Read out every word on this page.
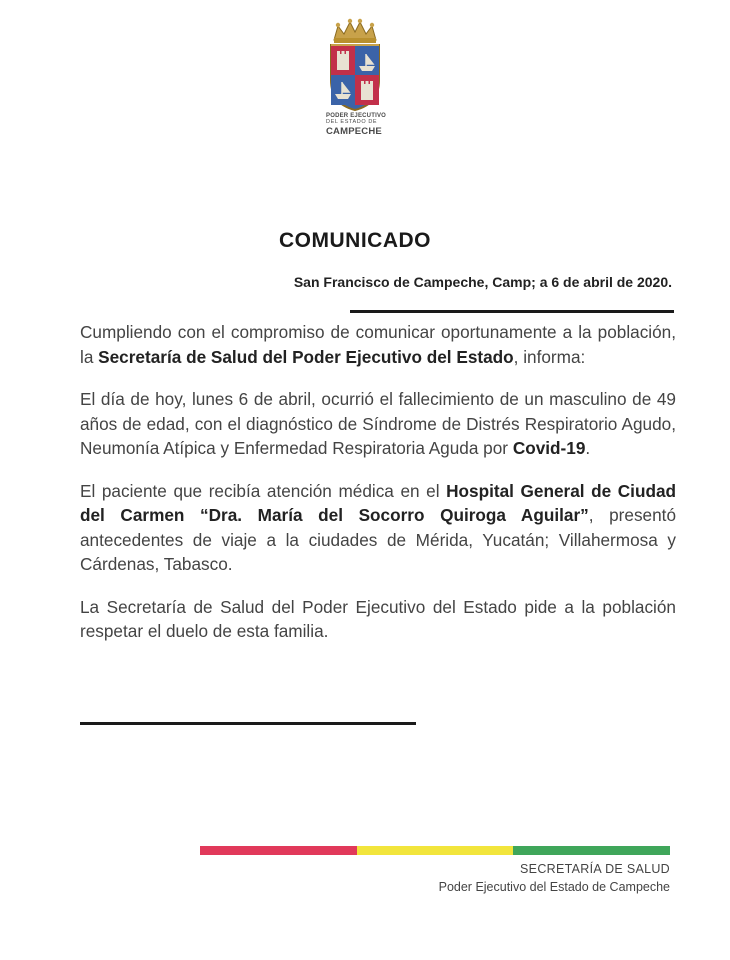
PODER EJECUTIVO
DEL ESTADO DE
CAMPECHE
COMUNICADO
San Francisco de Campeche, Camp; a 6 de abril de 2020.

Cumpliendo con el compromiso de comunicar oportunamente a la población, la Secretaría de Salud del Poder Ejecutivo del Estado, informa:

El día de hoy, lunes 6 de abril, ocurrió el fallecimiento de un masculino de 49 años de edad, con el diagnóstico de Síndrome de Distrés Respiratorio Agudo, Neumonía Atípica y Enfermedad Respiratoria Aguda por Covid-19.

El paciente que recibía atención médica en el Hospital General de Ciudad del Carmen “Dra. María del Socorro Quiroga Aguilar”, presentó antecedentes de viaje a la ciudades de Mérida, Yucatán; Villahermosa y Cárdenas, Tabasco.

La Secretaría de Salud del Poder Ejecutivo del Estado pide a la población respetar el duelo de esta familia.

SECRETARÍA DE SALUD
Poder Ejecutivo del Estado de Campeche
